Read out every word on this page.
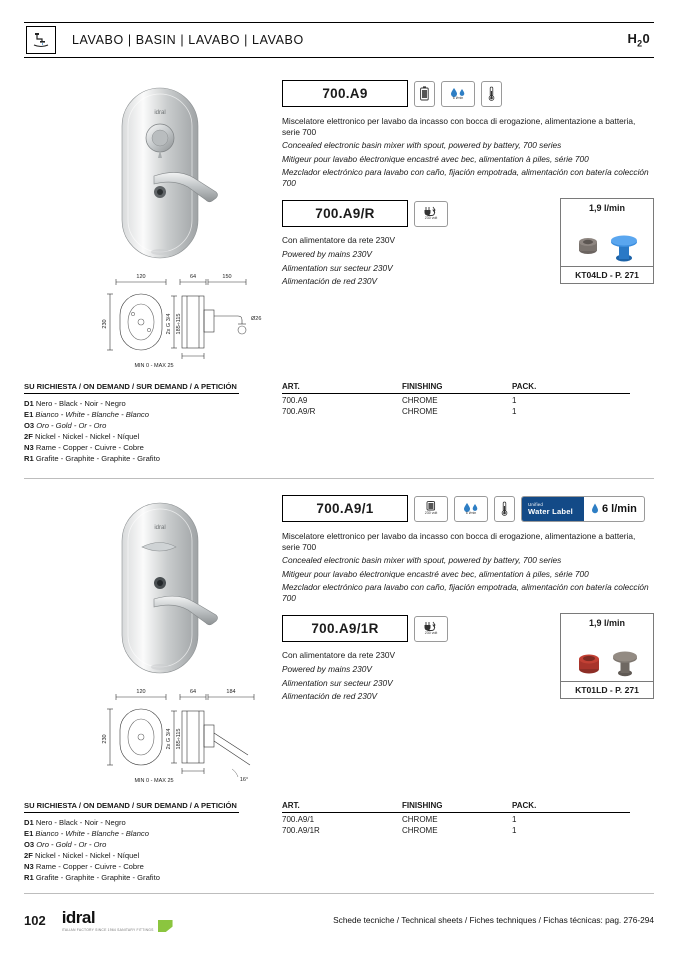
LAVABO | BASIN | LAVABO | LAVABO	$H_20$
idral
120	64	150
Ø26
230	2x G 3/4 185÷115
MIN 0 - MAX 25
700.A9	6 l/min

Miscelatore elettronico per lavabo da incasso con bocca di erogazione, alimentazione a batteria, serie 700

Concealed electronic basin mixer with spout, powered by battery, 700 series

Mitigeur pour lavabo électronique encastré avec bec, alimentation à piles, série 700

Mezclador electrónico para lavabo con caño, fijación empotrada, alimentación con batería colección 700

700.A9/R	230 volt

Con alimentatore da rete 230V

Powered by mains 230V

Alimentation sur secteur 230V

Alimentación de red 230V

1,9 l/min
KT04LD - P. 271
SU RICHIESTA / ON DEMAND / SUR DEMAND / A PETICIÓN
D1 Nero - Black - Noir - Negro
E1 Bianco - White - Blanche - Blanco
O3 Oro - Gold - Or - Oro
2F Nickel - Nickel - Nickel - Níquel
N3 Rame - Copper - Cuivre - Cobre
R1 Grafite - Graphite - Graphite - Grafito
ART.	FINISHING	PACK.
700.A9	CHROME	1
700.A9/R	CHROME	1
idral
120	64	184
230	2x G 3/4 185÷115
MIN 0 - MAX 25	16°
700.A9/1	230 volt	6 l/min
Unified
Water Label	6 l/min

Miscelatore elettronico per lavabo da incasso con bocca di erogazione, alimentazione a batteria, serie 700

Concealed electronic basin mixer with spout, powered by battery, 700 series

Mitigeur pour lavabo électronique encastré avec bec, alimentation à piles, série 700

Mezclador electrónico para lavabo con caño, fijación empotrada, alimentación con batería colección 700

700.A9/1R	230 volt

Con alimentatore da rete 230V

Powered by mains 230V

Alimentation sur secteur 230V

Alimentación de red 230V

1,9 l/min
KT01LD - P. 271
SU RICHIESTA / ON DEMAND / SUR DEMAND / A PETICIÓN
D1 Nero - Black - Noir - Negro
E1 Bianco - White - Blanche - Blanco
O3 Oro - Gold - Or - Oro
2F Nickel - Nickel - Nickel - Níquel
N3 Rame - Copper - Cuivre - Cobre
R1 Grafite - Graphite - Graphite - Grafito
ART.	FINISHING	PACK.
700.A9/1	CHROME	1
700.A9/1R	CHROME	1
102 idral
ITALIAN FACTORY SINCE 1964 SANITARY FITTINGS
Schede tecniche / Technical sheets / Fiches techniques / Fichas técnicas: pag. 276-294
